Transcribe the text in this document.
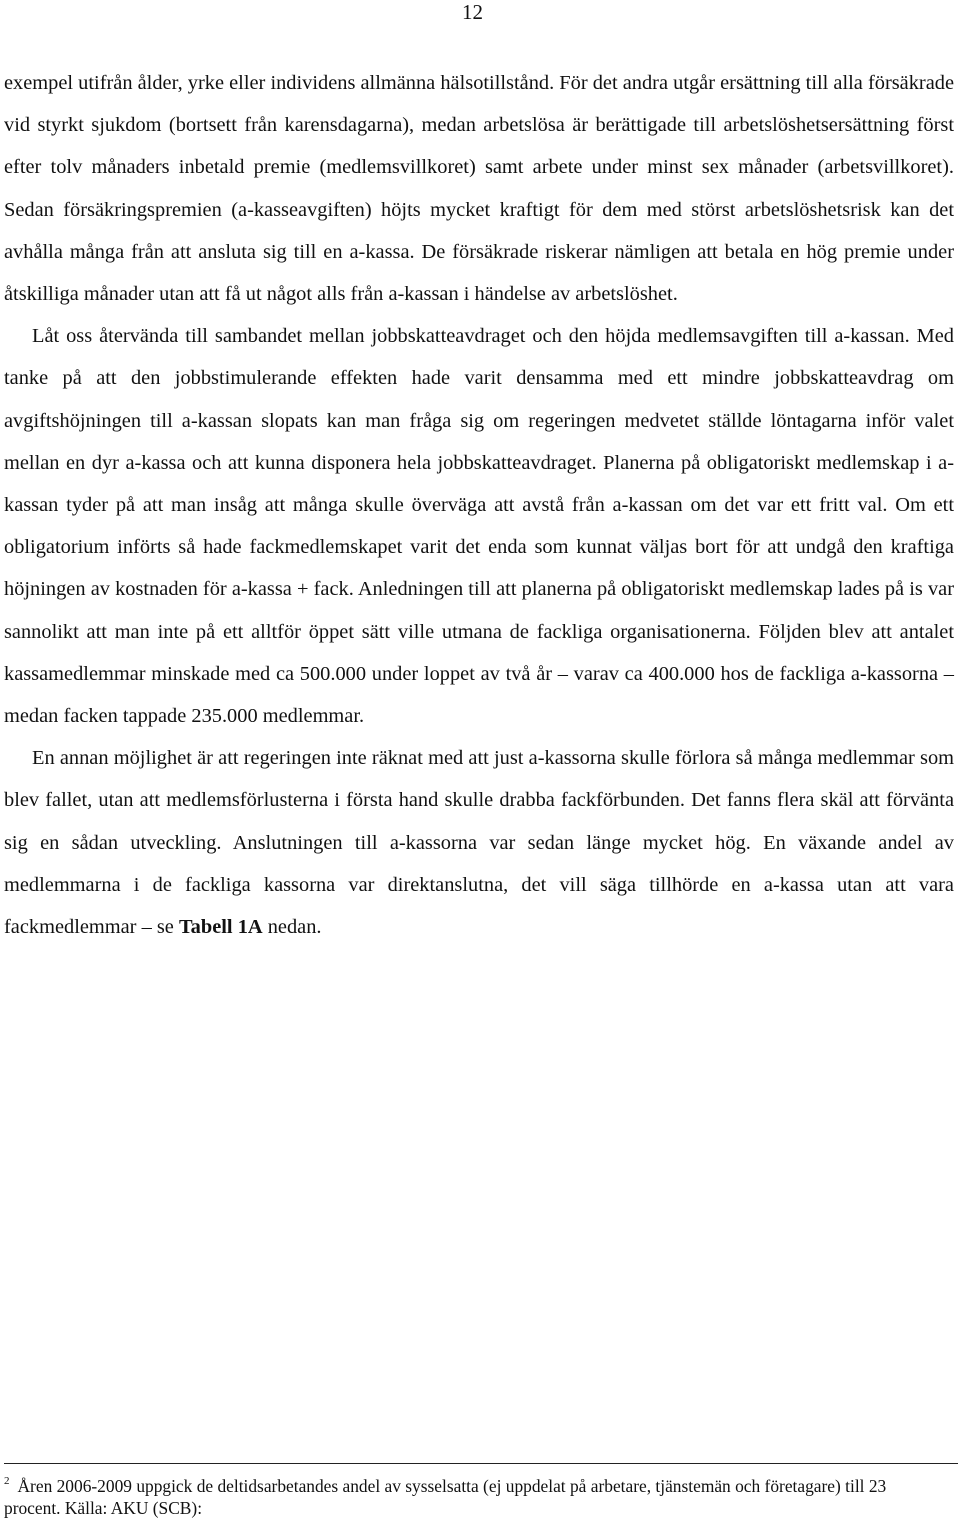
12

exempel utifrån ålder, yrke eller individens allmänna hälsotillstånd. För det andra utgår ersättning till alla försäkrade vid styrkt sjukdom (bortsett från karensdagarna), medan arbetslösa är berättigade till arbetslöshetsersättning först efter tolv månaders inbetald premie (medlemsvillkoret) samt arbete under minst sex månader (arbetsvillkoret). Sedan försäkringspremien (a-kasseavgiften) höjts mycket kraftigt för dem med störst arbetslöshetsrisk kan det avhålla många från att ansluta sig till en a-kassa. De försäkrade riskerar nämligen att betala en hög premie under åtskilliga månader utan att få ut något alls från a-kassan i händelse av arbetslöshet.

Låt oss återvända till sambandet mellan jobbskatteavdraget och den höjda medlemsavgiften till a-kassan. Med tanke på att den jobbstimulerande effekten hade varit densamma med ett mindre jobbskatteavdrag om avgiftshöjningen till a-kassan slopats kan man fråga sig om regeringen medvetet ställde löntagarna inför valet mellan en dyr a-kassa och att kunna disponera hela jobbskatteavdraget. Planerna på obligatoriskt medlemskap i a-kassan tyder på att man insåg att många skulle överväga att avstå från a-kassan om det var ett fritt val. Om ett obligatorium införts så hade fackmedlemskapet varit det enda som kunnat väljas bort för att undgå den kraftiga höjningen av kostnaden för a-kassa + fack. Anledningen till att planerna på obligatoriskt medlemskap lades på is var sannolikt att man inte på ett alltför öppet sätt ville utmana de fackliga organisationerna. Följden blev att antalet kassamedlemmar minskade med ca 500.000 under loppet av två år – varav ca 400.000 hos de fackliga a-kassorna – medan facken tappade 235.000 medlemmar.

En annan möjlighet är att regeringen inte räknat med att just a-kassorna skulle förlora så många medlemmar som blev fallet, utan att medlemsförlusterna i första hand skulle drabba fackförbunden. Det fanns flera skäl att förvänta sig en sådan utveckling. Anslutningen till a-kassorna var sedan länge mycket hög. En växande andel av medlemmarna i de fackliga kassorna var direktanslutna, det vill säga tillhörde en a-kassa utan att vara fackmedlemmar – se Tabell 1A nedan.

$^2$ Åren 2006-2009 uppgick de deltidsarbetandes andel av sysselsatta (ej uppdelat på arbetare, tjänstemän och företagare) till 23 procent. Källa: AKU (SCB):
